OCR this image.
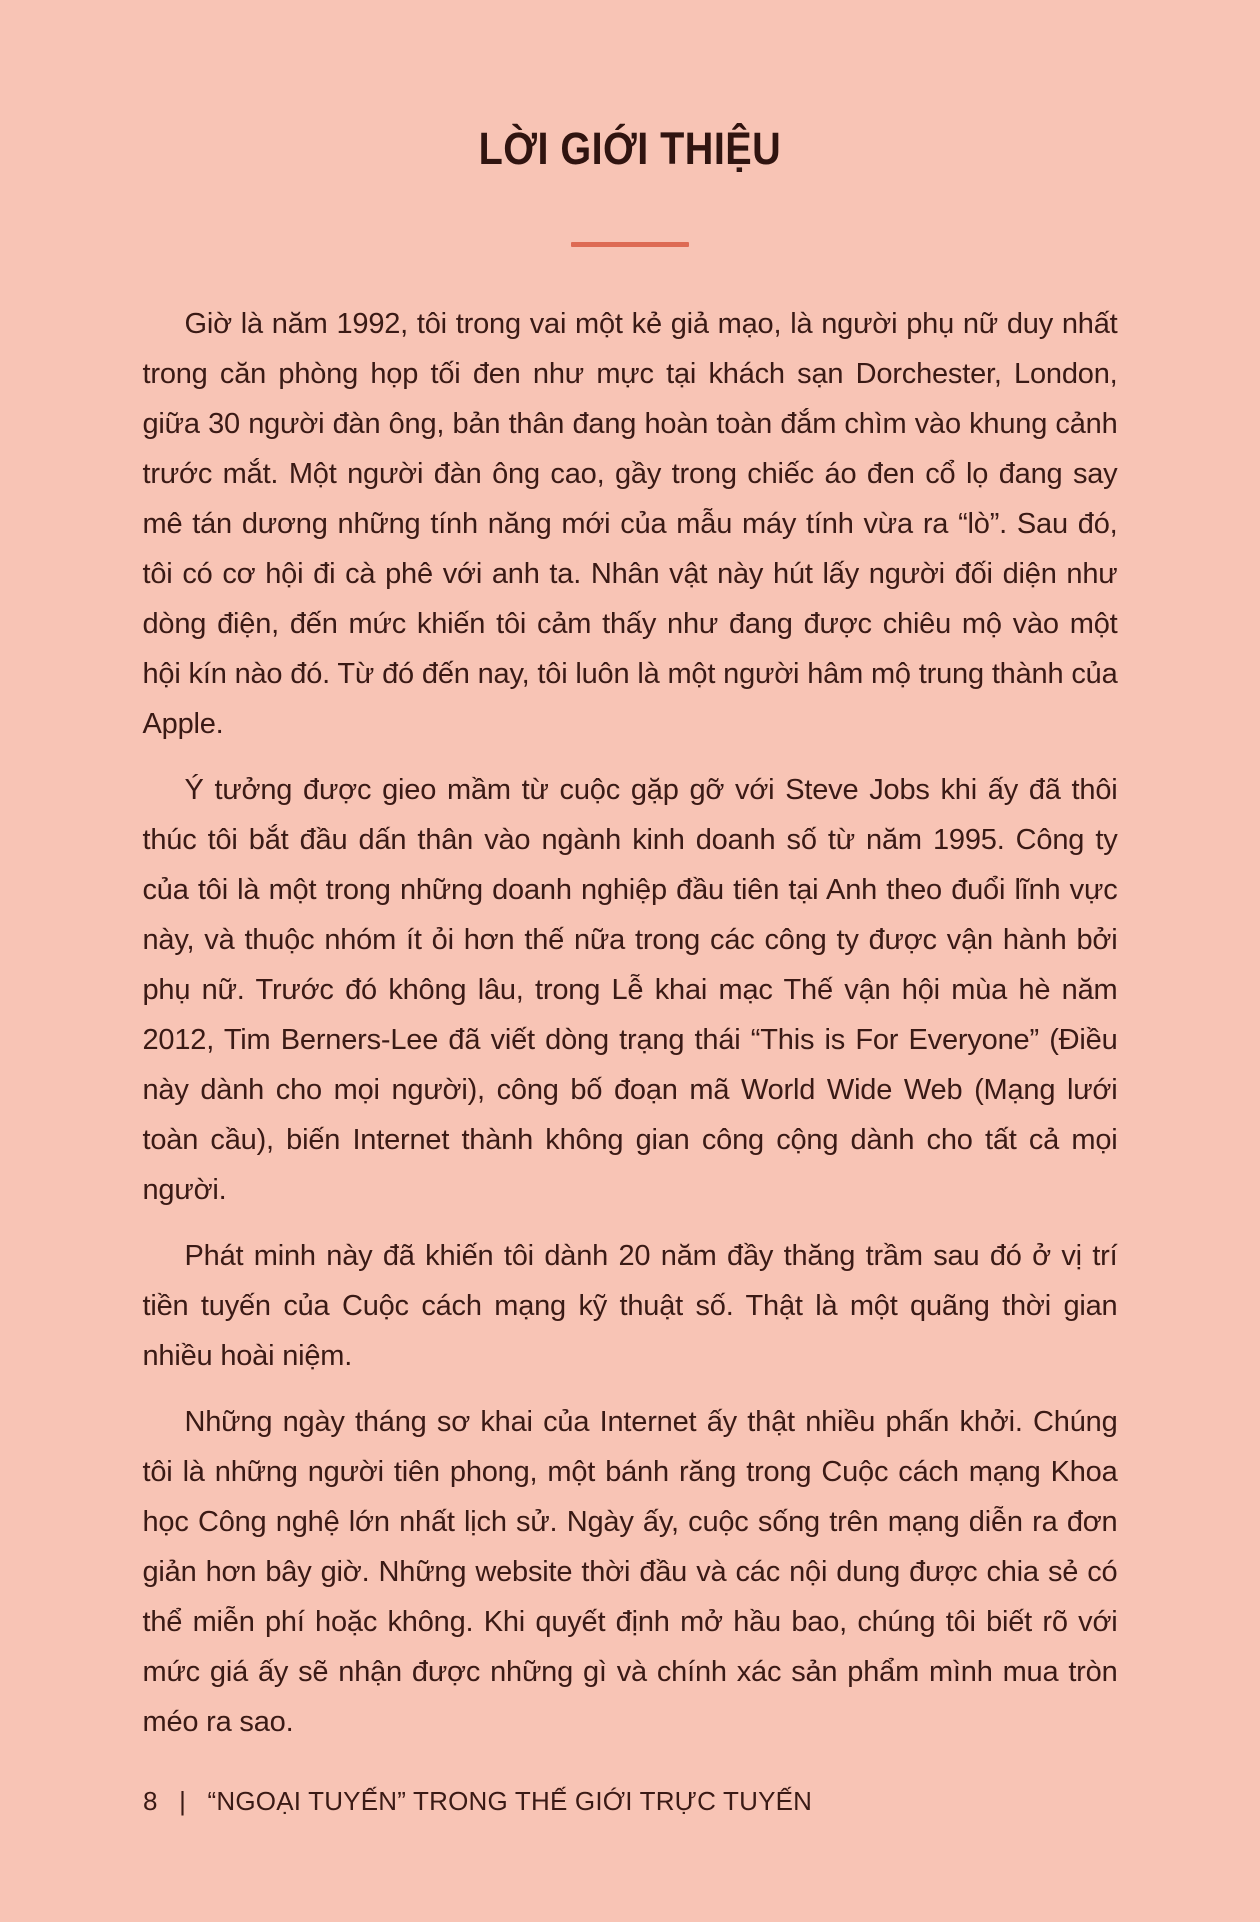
LỜI GIỚI THIỆU

Giờ là năm 1992, tôi trong vai một kẻ giả mạo, là người phụ nữ duy nhất trong căn phòng họp tối đen như mực tại khách sạn Dorchester, London, giữa 30 người đàn ông, bản thân đang hoàn toàn đắm chìm vào khung cảnh trước mắt. Một người đàn ông cao, gầy trong chiếc áo đen cổ lọ đang say mê tán dương những tính năng mới của mẫu máy tính vừa ra “lò”. Sau đó, tôi có cơ hội đi cà phê với anh ta. Nhân vật này hút lấy người đối diện như dòng điện, đến mức khiến tôi cảm thấy như đang được chiêu mộ vào một hội kín nào đó. Từ đó đến nay, tôi luôn là một người hâm mộ trung thành của Apple.

Ý tưởng được gieo mầm từ cuộc gặp gỡ với Steve Jobs khi ấy đã thôi thúc tôi bắt đầu dấn thân vào ngành kinh doanh số từ năm 1995. Công ty của tôi là một trong những doanh nghiệp đầu tiên tại Anh theo đuổi lĩnh vực này, và thuộc nhóm ít ỏi hơn thế nữa trong các công ty được vận hành bởi phụ nữ. Trước đó không lâu, trong Lễ khai mạc Thế vận hội mùa hè năm 2012, Tim Berners-Lee đã viết dòng trạng thái “This is For Everyone” (Điều này dành cho mọi người), công bố đoạn mã World Wide Web (Mạng lưới toàn cầu), biến Internet thành không gian công cộng dành cho tất cả mọi người.

Phát minh này đã khiến tôi dành 20 năm đầy thăng trầm sau đó ở vị trí tiền tuyến của Cuộc cách mạng kỹ thuật số. Thật là một quãng thời gian nhiều hoài niệm.

Những ngày tháng sơ khai của Internet ấy thật nhiều phấn khởi. Chúng tôi là những người tiên phong, một bánh răng trong Cuộc cách mạng Khoa học Công nghệ lớn nhất lịch sử. Ngày ấy, cuộc sống trên mạng diễn ra đơn giản hơn bây giờ. Những website thời đầu và các nội dung được chia sẻ có thể miễn phí hoặc không. Khi quyết định mở hầu bao, chúng tôi biết rõ với mức giá ấy sẽ nhận được những gì và chính xác sản phẩm mình mua tròn méo ra sao.

8 | “NGOẠI TUYẾN” TRONG THẾ GIỚI TRỰC TUYẾN
